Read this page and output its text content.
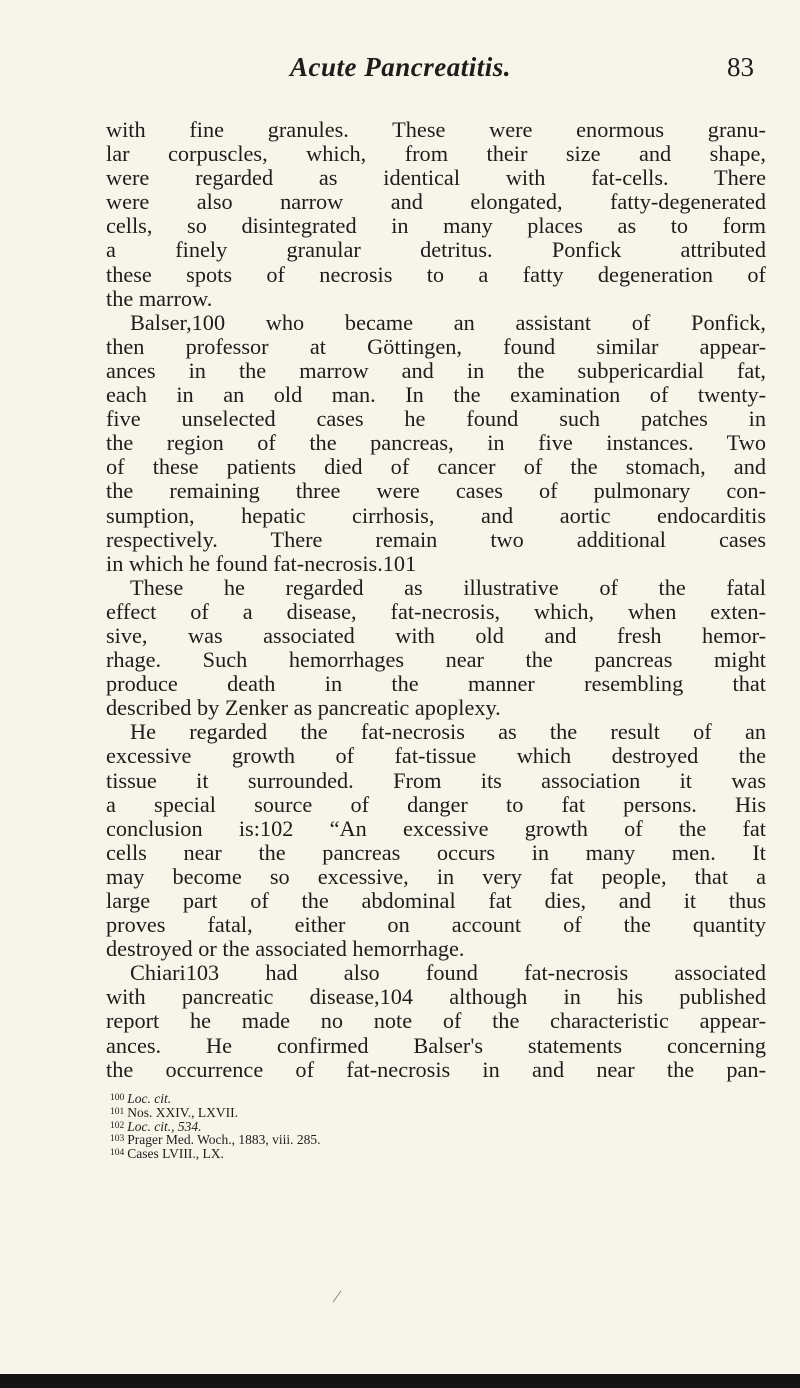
Acute Pancreatitis.	83
with fine granules. These were enormous granu-
lar corpuscles, which, from their size and shape,
were regarded as identical with fat-cells. There
were also narrow and elongated, fatty-degenerated
cells, so disintegrated in many places as to form
a finely granular detritus. Ponfick attributed
these spots of necrosis to a fatty degeneration of
the marrow.
Balser,100 who became an assistant of Ponfick,
then professor at Göttingen, found similar appear-
ances in the marrow and in the subpericardial fat,
each in an old man. In the examination of twenty-
five unselected cases he found such patches in
the region of the pancreas, in five instances. Two
of these patients died of cancer of the stomach, and
the remaining three were cases of pulmonary con-
sumption, hepatic cirrhosis, and aortic endocarditis
respectively. There remain two additional cases
in which he found fat-necrosis.101
These he regarded as illustrative of the fatal
effect of a disease, fat-necrosis, which, when exten-
sive, was associated with old and fresh hemor-
rhage. Such hemorrhages near the pancreas might
produce death in the manner resembling that
described by Zenker as pancreatic apoplexy.
He regarded the fat-necrosis as the result of an
excessive growth of fat-tissue which destroyed the
tissue it surrounded. From its association it was
a special source of danger to fat persons. His
conclusion is:102 “An excessive growth of the fat
cells near the pancreas occurs in many men. It
may become so excessive, in very fat people, that a
large part of the abdominal fat dies, and it thus
proves fatal, either on account of the quantity
destroyed or the associated hemorrhage.
Chiari103 had also found fat-necrosis associated
with pancreatic disease,104 although in his published
report he made no note of the characteristic appear-
ances. He confirmed Balser's statements concerning
the occurrence of fat-necrosis in and near the pan-
$^{100}$ Loc. cit.
$^{101}$ Nos. XXIV., LXVII.
$^{102}$ Loc. cit., 534.
$^{103}$ Prager Med. Woch., 1883, viii. 285.
$^{104}$ Cases LVIII., LX.
